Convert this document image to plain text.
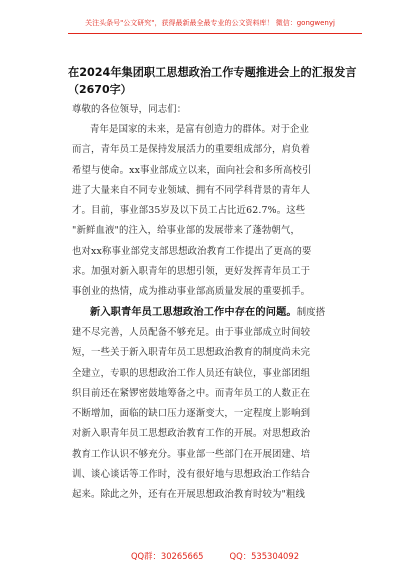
关注头条号"公文研究"，获得最新最全最专业的公文资料库！ 微信：gongwenyj
在2024年集团职工思想政治工作专题推进会上的汇报发言
（2670字）
尊敬的各位领导，同志们：
青年是国家的未来，是富有创造力的群体。对于企业
而言，青年员工是保持发展活力的重要组成部分，肩负着
希望与使命。xx事业部成立以来，面向社会和多所高校引
进了大量来自不同专业领域、拥有不同学科背景的青年人
才。目前，事业部35岁及以下员工占比近62.7%。这些
"新鲜血液"的注入，给事业部的发展带来了蓬勃朝气，
也对xx称事业部党支部思想政治教育工作提出了更高的要
求。加强对新入职青年的思想引领，更好发挥青年员工于
事创业的热情，成为推动事业部高质量发展的重要抓手。
新入职青年员工思想政治工作中存在的问题。制度搭
建不尽完善，人员配备不够充足。由于事业部成立时间较
短，一些关于新入职青年员工思想政治教育的制度尚未完
全建立，专职的思想政治工作人员还有缺位，事业部团组
织目前还在紧锣密鼓地筹备之中。而青年员工的人数正在
不断增加，面临的缺口压力逐渐变大，一定程度上影响到
对新入职青年员工思想政治教育工作的开展。对思想政治
教育工作认识不够充分。事业部一些部门在开展团建、培
训、谈心谈话等工作时，没有很好地与思想政治工作结合
起来。除此之外，还有在开展思想政治教育时较为"粗线
QQ群：30265665	QQ：535304092
